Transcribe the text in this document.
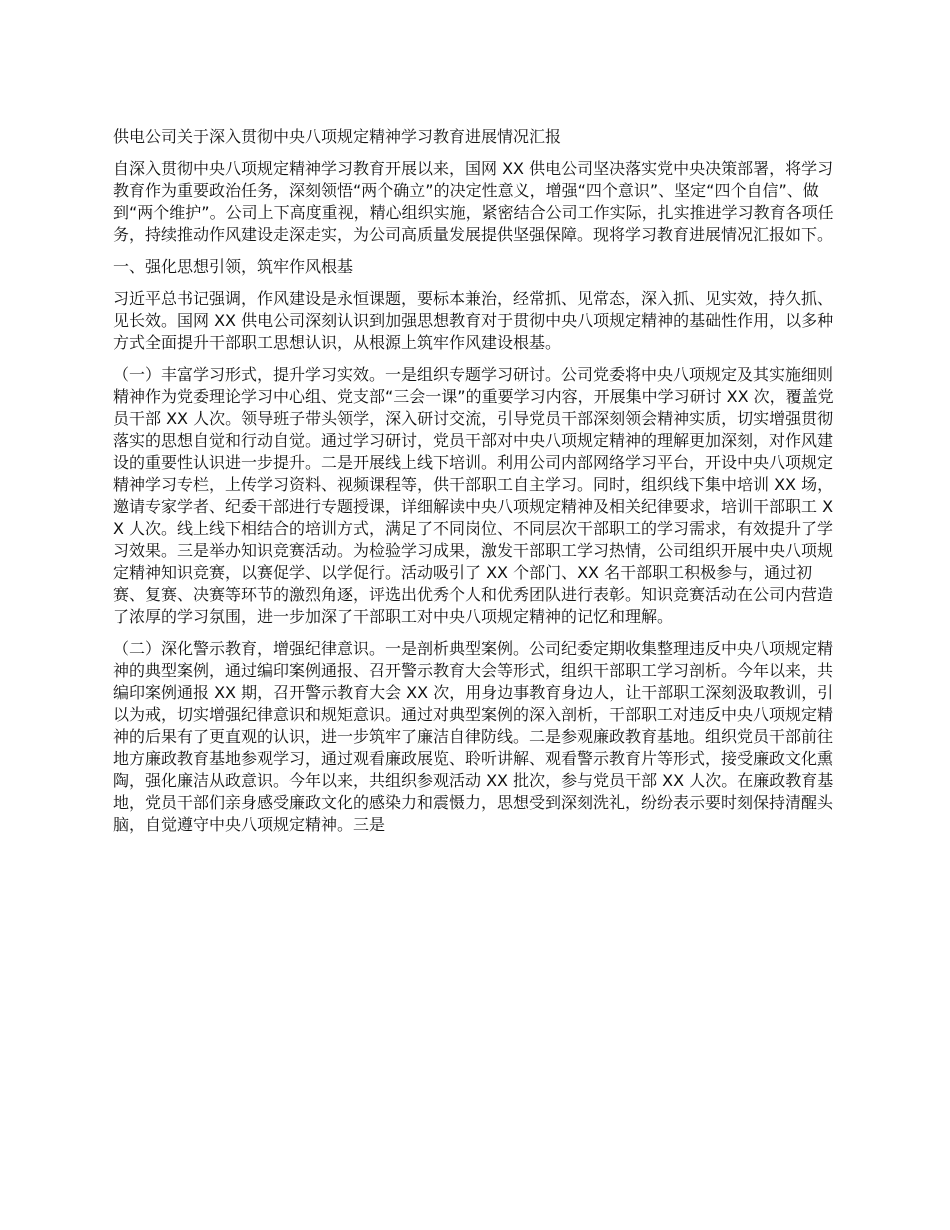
供电公司关于深入贯彻中央八项规定精神学习教育进展情况汇报

自深入贯彻中央八项规定精神学习教育开展以来，国网 XX 供电公司坚决落实党中央决策部署，将学习教育作为重要政治任务，深刻领悟“两个确立”的决定性意义，增强“四个意识”、坚定“四个自信”、做到“两个维护”。公司上下高度重视，精心组织实施，紧密结合公司工作实际，扎实推进学习教育各项任务，持续推动作风建设走深走实，为公司高质量发展提供坚强保障。现将学习教育进展情况汇报如下。

一、强化思想引领，筑牢作风根基

习近平总书记强调，作风建设是永恒课题，要标本兼治，经常抓、见常态，深入抓、见实效，持久抓、见长效。国网 XX 供电公司深刻认识到加强思想教育对于贯彻中央八项规定精神的基础性作用，以多种方式全面提升干部职工思想认识，从根源上筑牢作风建设根基。

（一）丰富学习形式，提升学习实效。一是组织专题学习研讨。公司党委将中央八项规定及其实施细则精神作为党委理论学习中心组、党支部“三会一课”的重要学习内容，开展集中学习研讨 XX 次，覆盖党员干部 XX 人次。领导班子带头领学，深入研讨交流，引导党员干部深刻领会精神实质，切实增强贯彻落实的思想自觉和行动自觉。通过学习研讨，党员干部对中央八项规定精神的理解更加深刻，对作风建设的重要性认识进一步提升。二是开展线上线下培训。利用公司内部网络学习平台，开设中央八项规定精神学习专栏，上传学习资料、视频课程等，供干部职工自主学习。同时，组织线下集中培训 XX 场，邀请专家学者、纪委干部进行专题授课，详细解读中央八项规定精神及相关纪律要求，培训干部职工 XX 人次。线上线下相结合的培训方式，满足了不同岗位、不同层次干部职工的学习需求，有效提升了学习效果。三是举办知识竞赛活动。为检验学习成果，激发干部职工学习热情，公司组织开展中央八项规定精神知识竞赛，以赛促学、以学促行。活动吸引了 XX 个部门、XX 名干部职工积极参与，通过初赛、复赛、决赛等环节的激烈角逐，评选出优秀个人和优秀团队进行表彰。知识竞赛活动在公司内营造了浓厚的学习氛围，进一步加深了干部职工对中央八项规定精神的记忆和理解。

（二）深化警示教育，增强纪律意识。一是剖析典型案例。公司纪委定期收集整理违反中央八项规定精神的典型案例，通过编印案例通报、召开警示教育大会等形式，组织干部职工学习剖析。今年以来，共编印案例通报 XX 期，召开警示教育大会 XX 次，用身边事教育身边人，让干部职工深刻汲取教训，引以为戒，切实增强纪律意识和规矩意识。通过对典型案例的深入剖析，干部职工对违反中央八项规定精神的后果有了更直观的认识，进一步筑牢了廉洁自律防线。二是参观廉政教育基地。组织党员干部前往地方廉政教育基地参观学习，通过观看廉政展览、聆听讲解、观看警示教育片等形式，接受廉政文化熏陶，强化廉洁从政意识。今年以来，共组织参观活动 XX 批次，参与党员干部 XX 人次。在廉政教育基地，党员干部们亲身感受廉政文化的感染力和震慑力，思想受到深刻洗礼，纷纷表示要时刻保持清醒头脑，自觉遵守中央八项规定精神。三是
